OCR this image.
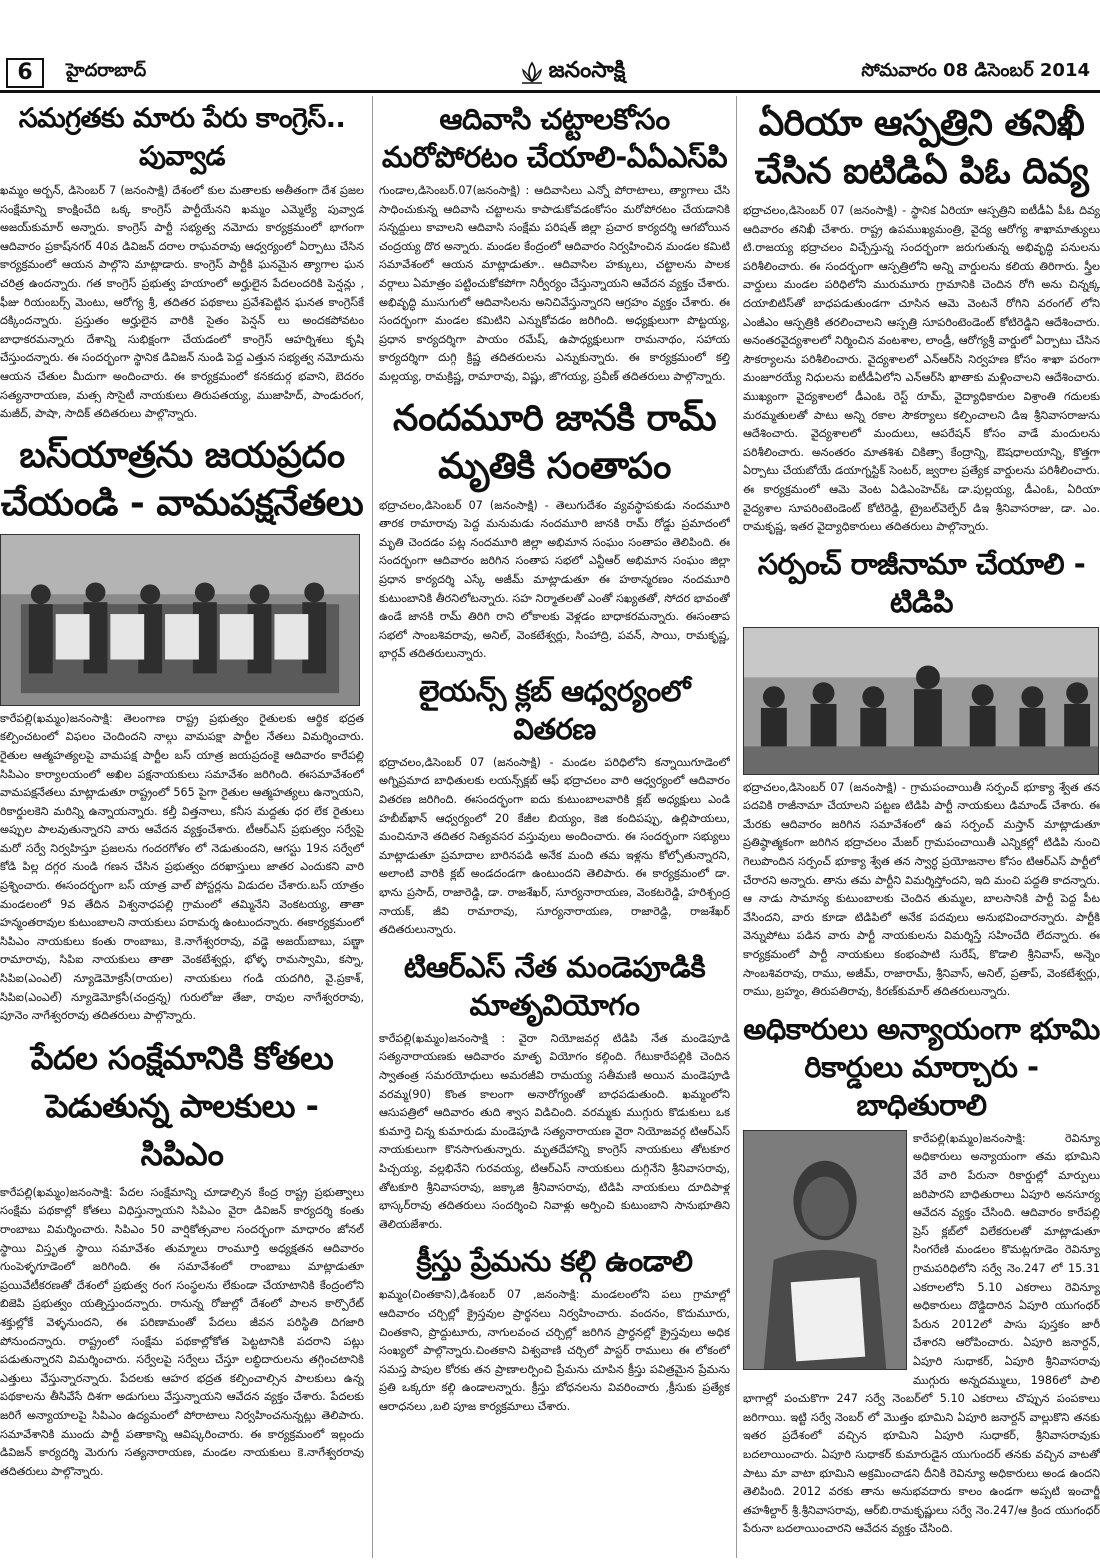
6	హైదరాబాద్	జనంసాక్షి	సోమవారం 08 డిసెంబర్ 2014
సమగ్రతకు మారు పేరు కాంగ్రెస్‌.. పువ్వాడ
ఖమ్మం అర్బన్‌, డిసెంబర్‌ 7 (జనంసాక్షి) దేశంలో కుల మతాలకు అతీతంగా దేశ ప్రజల సంక్షేమాన్ని కాంక్షించేది ఒక్క కాంగ్రెస్‌ పార్టీయేనని ఖమ్మం ఎమ్మెల్యే పువ్వాడ అజయ్‌కుమార్‌ అన్నారు. కాంగ్రెస్‌ పార్టీ సభ్యత్వ నమోదు కార్యక్రమంలో భాగంగా ఆదివారం ప్రకాష్‌నగర్‌ 40వ డివిజన్‌ దరాల రాఘవరావు ఆధ్వర్యంలో ఏర్పాటు చేసిన కార్యక్రమంలో ఆయన పాల్గొని మాట్లాడారు. కాంగ్రెస్‌ పార్టీకి ఘనమైన త్యాగాల ఘన చరిత్ర ఉందన్నారు. గత కాంగ్రెస్‌ ప్రభుత్వ హయాంలో అర్హులైన పేదలందరికి పెన్షన్లు , ఫీజు రియంబర్స్‌ మెంటు, ఆరోగ్య శ్రీ, తదితర పథకాలు ప్రవేశపెట్టిన ఘనత కాంగ్రెస్‌కే దక్కిందన్నారు. ప్రస్తుతం అర్హులైన వారికి సైతం పెన్షన్‌ లు అందకపోవటం బాధాకరమన్నారు దేశాన్ని సుభిక్షంగా చేయడంలో కాంగ్రెస్‌ ఆహర్నిశలు కృషి చేస్తుందన్నారు. ఈ సందర్భంగా స్థానిక డివిజన్‌ నుండి పెద్ద ఎత్తున సభ్యత్వ నమోదును ఆయన చేతుల మీదుగా అందించారు. ఈ కార్యక్రమంలో కనకదుర్గ భవాని, బెదరం సత్యనారాయణ, మత్స సొసైటీ నాయకులు తిరుపతయ్య, ముజాహిద్‌, పాండురంగ, మజీద్‌, పాషా, సాదిక్‌ తదితరులు పాల్గొన్నారు.
బస్‌యాత్రను జయప్రదం చేయండి - వామపక్షనేతలు
కారేపల్లి(ఖమ్మం)జనంసాక్షి: తెలంగాణ రాష్ట్ర ప్రభుత్వం రైతులకు ఆర్థిక భద్రత కల్పించటంలో విఫలం చెందిందని నాల్గు వామపక్షా పార్టీల నేతలు విమర్శించారు. రైతుల ఆత్మహత్యలపై వామపక్ష పార్టీల బస్‌ యాత్ర జయప్రదంకై ఆదివారం కారేపల్లి సిపిఎం కార్యాలయంలో అఖిల పక్షనాయకులు సమావేశం జరిగింది. ఈసమావేశంలో వామపక్షనేతలు మాట్లాడుతూ రాష్ట్రంలో 565 పైగా రైతుల ఆత్మహత్యలు ఉన్నాయని, రికార్డులకెని మరిన్ని ఉన్నాయన్నారు. కల్తీ విత్తనాలు, కనీస మద్దతు ధర లేక రైతులు అప్పుల పాలవుతున్నారని వారు ఆవేదన వ్యక్తంచేశారు. టీఆర్‌ఎస్‌ ప్రభుత్వం సర్వేపై మరో సర్వే నిర్వహిస్తూ ప్రజలను గందరగోళం లో నెడుతుందని, ఆగస్టు 19న సర్వేలో కోడి పిల్ల దగ్గర నుండి గణన చేసిన ప్రభుత్వం దరఖాస్తులు జాతర ఎందుకని వారి ప్రశ్నించారు. ఈసందర్భంగా బస్‌ యాత్ర వాల్‌ పోస్టర్లను విడుదల చేశారు.బస్‌ యాత్రం మండలంలో 9వ తేదిన విశ్వనాధపల్లి గ్రామంలో తమ్మినేని వెంకటయ్య, తాతా హన్మంతరావుల కుటుంబాలని నాయకులు పరామర్శ ఉంటుందన్నారు. ఈకార్యక్రమంలో సిపిఎం నాయకులు కంతు రాంబాబు, కె.నాగేశ్వరరావు, వడ్డె అజయ్‌బాబు, పణ్జా రామారావు, సిపిఐ నాయకులు తాతా వెంకటేశ్వర్లు, భోళ్ళ రామస్వామి, కస్నా, సిపిఐ(ఎంఎల్‌) న్యూడెమోక్రసీ(రాయల) నాయకులు గండి యదగిరి, వై.ప్రకాశ్‌, సిపిఐ(ఎంఎల్‌) న్యూడెమోక్రసీ(చంద్రన్న) గురులోజు తేజా, రావుల నాగేశ్వరరావు, పూనెం నాగేశ్వరరావు తదితరులు పాల్గొన్నారు.
పేదల సంక్షేమానికి కోతలు పెడుతున్న పాలకులు - సిపిఎం
కారేపల్లి(ఖమ్మం)జనంసాక్షి: పేదల సంక్షేమాన్ని చూడాల్సిన కేంద్ర రాష్ట్ర ప్రభుత్వాలు సంక్షేమ పథకాల్లో కోతలు విధిస్తున్నాయని సిపిఎం వైరా డివిజన్‌ కార్యదర్శి కంతు రాంబాబు విమర్శించారు. సిపిఎం 50 వార్షికోత్సవాల సందర్భంగా మాధారం జోనల్‌ స్థాయి విస్తృత స్థాయి సమావేశం తుమ్మాలు రాంమూర్తి అధ్యక్షతన ఆదివారం గుంపెళ్ళగూడెంలో జరిగింది. ఈ సమావేశంలో రాంబాబు మాట్లాడుతూ ప్రయివేటీకరణతో దేశంలో ప్రభుత్వ రంగ సంస్థలను లేకుండా చేయాటానికి కేంద్రంలోని బిజెపి ప్రభుత్వం యత్నిస్తుందన్నారు. రానున్న రోజుల్లో దేశంలో పాలన కార్పొరేట్‌ శక్తుల్లోకే వెళ్ళనుందని, ఈ పరిణామంతో పేదలు జీవన పరిస్థితి దిగజారి పోనుందన్నారు. రాష్ట్రంలో సంక్షేమ పథకాల్లోకోత పెట్టటానికి పదరాని పట్లు పడుతున్నారని విమర్శించారు. సర్వేలపై సర్వేలు చేస్తూ లబ్ధిదారులను తగ్గించటానికి ఎత్తులు వేస్తున్నారన్నారు. పేదలకు ఆహర భద్రత కల్పించాల్సిన పాలకులు ఉన్న పథకాలను తీసివేసే దిశగా అడుగులు వేస్తున్నాయని ఆవేదన వ్యక్తం చేశారు. పేదలకు జరిగే అన్యాయాలపై సిపిఎం ఉద్యమంలో పోరాటాలు నిర్వహించనున్నట్లు తెలిపారు. సమావేశానికి ముందు పార్టీ పతాకాన్ని ఆవిష్కరించారు. ఈ కార్యక్రమంలో ఇల్లందు డివిజన్‌ కార్యదర్శి మెరుగు సత్యనారాయణ, మండల నాయకులు కె.నాగేశ్వరరావు తదితరులు పాల్గొన్నారు.
ఆదివాసి చట్టాలకోసం మరోపోరటం చేయాలి-ఏఏఎస్‌పి
గుండాల,డిసెంబర్‌.07(జనంసాక్షి) : ఆదివాసిలు ఎన్నో పోరాటాలు, త్యాగాలు చేసి సాధించుకున్న ఆదివాసి చట్టాలను కాపాడుకోవడంకోసం మరోపోరటం చేయడానికి సన్నద్దులు కావాలని ఆదివాసి సంక్షేమ పరిషత్‌ జిల్లా ప్రచార కార్యదర్శి ఆగబోయిన చంద్రయ్య దొర అన్నారు. మండల కేంద్రంలో ఆదివారం నిర్వహించిన మండల కమిటి సమావేశంలో ఆయన మాట్లాడుతూ.. ఆదివాసిల హక్కులు, చట్టాలను పాలక వర్గాలు ఏమాత్రం పట్టించుకోకపోగా నిర్వీర్యం చేస్తున్నాయని ఆవేదన వ్యక్తం చేశారు. అభివృద్ధి ముసుగులో ఆదివాసిలను అనిచివేస్తున్నారని ఆగ్రహం వ్యక్తం చేశారు. ఈ సందర్భంగా మండల కమిటిని ఎన్నుకోవడం జరిగింది. అధ్యక్షులుగా పొట్టయ్య, ప్రధాన కార్యదర్శిగా పాయం రమేష్‌, ఉపాధ్యక్షులుగా రామనాథం, సహాయ కార్యదర్శిగా దుగ్గి క్రిష్ణ తదితరులను ఎన్నుకున్నారు. ఈ కార్యక్రమంలో కల్తి మల్లయ్య, రామక్రిష్ణ, రామారావు, విష్ణు, జొగయ్య, ప్రవీణ్‌ తదితరులు పాల్గొన్నారు.
నందమూరి జానకి రామ్‌ మృతికి సంతాపం
భద్రాచలం,డిసెంబర్‌ 07 (జనంసాక్షి) - తెలుగుదేశం వ్యవస్థాపకుడు నందమూరి తారక రామారావు పెద్ద మనుమడు నందమూరి జానకి రామ్‌ రోడ్డు ప్రమాదంలో మృతి చెందడం పట్ల నందమూరి జిల్లా అభిమాన సంఘం సంతాపం తెలిపింది. ఈ సందర్భంగా ఆదివారం జరిగిన సంతాప సభలో ఎన్టీఆర్‌ అభిమాన సంఘం జిల్లా ప్రధాన కార్యదర్శి ఎస్కే అజీమ్‌ మాట్లాడుతూ ఈ హఠాన్మరణం నందమూరి కుటుంబానికి తీరనిలోటన్నారు. సహ నిర్మాతలతో ఎంతో సఖ్యతతో, సోదర భావంతో ఉండే జానకి రామ్‌ తిరిగి రాని లోకాలకు వెళ్లడం బాధాకరమన్నారు. ఈసంతాప సభలో సాంబశివరావు, అనిల్‌, వెంకటేశ్వర్లు, సింహాద్రి, పవన్‌, సాయి, రామకృష్ణ, భార్గవ్‌ తదితరులున్నారు.
లైయన్స్‌ క్లబ్‌ ఆధ్వర్యంలో వితరణ
భద్రాచలం,డిసెంబర్‌ 07 (జనంసాక్షి) - మండల పరిధిలోని కన్నాయిగూడెంలో అగ్నిప్రమాద బాధితులకు లయన్స్‌క్లబ్‌ ఆఫ్‌ భద్రాచలం వారి ఆధ్వర్యంలో ఆదివారం వితరణ జరిగింది. ఈసందర్భంగా ఐదు కుటుంబాలవారికి క్లబ్‌ అధ్యక్షులు ఎండి హబీబ్‌ఖాన్‌ ఆధ్వర్యంలో 20 కేజీల బియ్యం, కెజి కందిపప్పు, ఉల్లిపాయలు, మంచినూనె తదితర నిత్యవసర వస్తువులు అందించారు. ఈ సందర్భంగా సభ్యులు మాట్లాడుతూ ప్రమాదాల బారినపడి అనేక మంది తమ ఇళ్లను కోల్పోతున్నారని, అలాంటి వారికి క్లబ్‌ అండదండగా ఉంటుందని తెలిపారు. ఈ కార్యక్రమంలో డా. భాను ప్రసాద్‌, రాజారెడ్డి, డా. రాజశేఖర్‌, సూర్యనారాయణ, వెంకటరెడ్డి, హరిశ్చంద్ర నాయక్‌, జీవి రామారావు, సూర్యనారాయణ, రాజారెడ్డి, రాజశేఖర్‌ తదితరులున్నారు.
టిఆర్‌ఎస్‌ నేత మండెపూడికి మాతృవియోగం
కారేపల్లి(ఖమ్మం)జనంసాక్షి : వైరా నియోజవర్గ టిడిపి నేత మండెపూడి సత్యనారాయణకు ఆదివారం మాతృ వియోగం కల్గింది. గేటుకారేపల్లికి చెందిన స్వాతంత్ర సమరయోధులు అమరజీవి రామయ్య సతీమణి అయిన మండెపూడి వరమ్మ(90) కొంత కాలంగా అనారోగ్యంతో బాధపడుతుంది. ఖమ్మంలోని ఆసుపత్రిలో ఆదివారం తుది శ్వాస విడిచింది. వరమ్మకు ముగ్గురు కొడుకులు ఒక కుమార్తె చిన్న కుమారుడు మండెపూడి సత్యనారాయణ వైరా నియోజవర్గ టిఆర్‌ఎస్‌ నాయకులుగా కొనసాగుతున్నారు. మృతదేహాన్ని కాంగ్రెస్‌ నాయకులు తోటకూర పిచ్చయ్య, వల్లభినేని గురవయ్య, టిఆర్‌ఎస్‌ నాయకులు దుగ్గినేని శ్రీనివాసరావు, తోటకూరి శ్రీనివాసరావు, జక్కాజి శ్రీనివాసరావు, టిడిపి నాయకులు దూదిపాళ్ల భాస్కర్‌రావు తదితరులు సందర్శించి నివాళ్లు అర్పించి కుటుంబాని సానుభూతిని తెలియజేశారు.
క్రీస్తు ప్రేమను కల్గి ఉండాలి
ఖమ్మం(చింతకాని),డిశంబర్‌ 07 ,జనంసాక్షి: మండలంలోని పలు గ్రామాల్లో ఆదివారం చర్చిల్లో క్రైస్తవుల ప్రార్థనలు నిర్వహించారు. వందనం, కొదుమూరు, చింతకాని, ప్రొద్దుటూరు, నాగులవంచ చర్చిల్లో జరిగిన ప్రార్ధనల్లో క్రైస్తవులు అధిక సంఖ్యలో పాల్గొన్నారు.చింతకాని విశ్వవాణి చర్చిలో పాస్టర్‌ రాములు ఈ లోకంలో సమస్త పాపుల కోరకు తన ప్రాణాలర్పించి ప్రేమను చూపిన క్రీస్తు పవిత్రమైన ప్రేమను ప్రతి ఒక్కరూ కల్గి ఉండాలన్నారు. క్రీస్తు బోధనలను వివరించారు ,క్రీసుకు ప్రత్యేక ఆరాధనలు ,బలి పూజ కార్యక్రమాలు చేశారు.
ఏరియా ఆస్పత్రిని తనిఖీ చేసిన ఐటిడిఏ పిఓ దివ్య
భద్రాచలం,డిసెంబర్‌ 07 (జనంసాక్షి) - స్థానిక ఏరియా ఆస్పత్రిని ఐటీడీఏ పీఓ దివ్య ఆదివారం తనిఖీ చేశారు. రాష్ట్ర ఉపముఖ్యమంత్రి, వైద్య ఆరోగ్య శాఖామాత్యులు టి.రాజయ్య భద్రాచలం విచ్చేస్తున్న సందర్భంగా జరుగుతున్న అభివృద్ధి పనులను పరిశీలించారు. ఈ సందర్భంగా ఆస్పత్రిలోని అన్ని వార్డులను కలియ తిరిగారు. స్త్రీల వార్డులు మండల పరిధిలోని మురుమూరు గ్రామానికి చెందిన రోగి అను చిన్నక్క దయాబిటిస్‌తో బాధపడుతుండగా చూసిన ఆమె వెంటనే రోగిని వరంగల్‌ లోని ఎంజీఎం ఆస్పత్రికి తరలించాలని ఆస్పత్రి సూపరింటెండెంట్‌ కోటిరెడ్డిని ఆదేశించారు. అనంతరవైద్యశాలలో నిర్మించిన వంటశాల, లాండ్రీ, ఆరోగ్యశ్రీ వార్డులో ఏర్పాటు చేసిన సౌకర్యాలను పరిశీలించారు. వైద్యశాలలో ఎన్‌ఆర్‌సి నిర్వహణ కోసం శాఖా పరంగా మంజూరయ్యే నిధులను ఐటీడీఏలోని ఎన్‌ఆర్‌సి ఖాతాకు మళ్లించాలని ఆదేశించారు. ముఖ్యంగా వైద్యశాలలో డీఎంఓ రెస్ట్‌ రూమ్‌, వైద్యాధికారుల విశ్రాంతి గదులకు మరమ్మతులతో పాటు అన్ని రకాల సౌకర్యాలు కల్పించాలని డిఇ శ్రీనివాసరాజును ఆదేశించారు. వైద్యశాలలో మందులు, ఆపరేషన్‌ కోసం వాడే మందులను పరిశీలించారు. అనంతరం మాతశిశు చికిత్సా కేంద్రాన్ని, ఔషధాలయాన్ని, కొత్తగా ఏర్పాటు చేయబోయే డయాగ్నస్టిక్‌ సెంటర్‌, జ్వరాల ప్రత్యేక వార్డులను పరిశీలించారు. ఈ కార్యక్రమంలో ఆమె వెంట ఏడిఎంహెచ్‌ఓ డా.పుల్లయ్య, డీఎంఓ, ఏరియా వైద్యశాల సూపరింటెండెంట్‌ కోటిరెడ్డి, ట్రైబల్‌వెల్ఫేర్‌ డిఇ శ్రీనివాసరాజు, డా. ఎం. రామకృష్ణ, ఇతర వైద్యాధికారులు తదితరులు పాల్గొన్నారు.
సర్పంచ్‌ రాజీనామా చేయాలి - టిడిపి
భద్రాచలం,డిసెంబర్‌ 07 (జనంసాక్షి) - గ్రామపంచాయితీ సర్పంచ్‌ భూక్యా శ్వేత తన పదవికి రాజీనామా చేయాలని పట్టణ టిడిపి పార్టీ నాయకులు డిమాండ్‌ చేశారు. ఈ మేరకు ఆదివారం జరిగిన సమావేశంలో ఉప సర్పంచ్‌ మస్తాన్‌ మాట్లాడుతూ ప్రతిష్ఠాత్మకంగా జరిగిన భద్రాచలం మేజర్‌ గ్రామపంచాయితీ ఎన్నికల్లో టిడిపి నుంచి గెలుపొందిన సర్పంచ్‌ భూక్యా శ్వేత తన స్వార్ధ ప్రయోజనాల కోసం టిఆర్‌ఎస్‌ పార్టీలో చేరారని అన్నారు. తాను తమ పార్టీని విమర్శిస్తోందని, ఇది మంచి పద్దతి కాదన్నారు. ఆ నాడు సామాన్య కుటుంబాలకు చెందిన తుమ్మల, బాలసానికి పార్టీ పెద్ద పీట వేసిందని, వారు కూడా టిడిపిలో అనేక పదవులు అనుభవించారన్నారు. పార్టీకి వెన్నుపోటు పడిన వారు పార్టీ నాయకులను విమర్శిస్తే సహించేది లేదన్నారు. ఈ కార్యక్రమంలో పార్టీ నాయకులు కంభంపాటి సురేష్‌, కొడాలి శ్రీనివాస్‌, అన్నెం సాంబశివరావు, రాము, అజీమ్‌, రాజారామ్‌, శ్రీనివాస్‌, అనిల్‌, ప్రతాప్‌, వెంకటేశ్వర్లు, రాము, బ్రహ్మం, తిరుపతిరావు, కిరణ్‌కుమార్‌ తదితరులున్నారు.
అధికారులు అన్యాయంగా భూమి రికార్డులు మార్చారు - బాధితురాలి
కారేపల్లి(ఖమ్మం)జనంసాక్షి: రెవిన్యూ అధికారులు అన్యాయంగా తమ భూమిని వేరే వారి పేరునా రికార్డుల్లో మార్పులు జరిపారని బాధితురాలు ఏపూరి అనసూర్య ఆవేదన వ్యక్తం చేసింది. ఆదివారం కారేపల్లి ప్రెస్‌ క్లబ్‌లో విలేకరులతో మాట్లాడుతూ సింగరేణి మండలం కొమట్లగూడెం రెవిన్యూ గ్రామపరిధిలోని సర్వే నెం.247 లో 15.31 ఎకరాలలోని 5.10 ఎకరాలు రెవిన్యూ అధికారులు దొడ్డిదారిన ఏపూరి యుగంధర్‌ పేరున 2012లో పాసు పుస్తకం జారీ చేశారని ఆరోపించారు. ఏపూరి జనార్దన్‌, ఏపూరి సుధాకర్‌, ఏపూరి శ్రీనివాసరావు ముగ్గురు అన్నదమ్ములు, 1986లో పాలి భాగాల్లో పంచుకొగా 247 సర్వే నెంబర్‌లో 5.10 ఎకరాలు చొప్పున పంపకాలు జరిగాయి. ఇట్టి సర్వే నెంబర్‌ లో మొత్తం భూమిని ఏపూరి జనార్దన్‌ వాల్లుకొని తనకు ఇతర ప్రదేశంలో వచ్చిన భూమిని ఏపూరి సుధాకర్‌, శ్రీనివాసరావుకు బదలాయించారు. ఏపూరి సుధాకర్‌ కుమారుడైన యుగుందర్‌ తనకు వచ్చిన వాటతో పాటు మా వాటా భూమిని అక్రమించాడని దీనికి రెవిన్యూ అధికారులు అండ ఉందని తెలిపింది. 2012 వరకు తాను అనుభవదారు కాలం ఉండగా అప్పటి ఇంచార్జీ తహశీల్దార్‌ శ్రీ.శ్రీనివాసరావు, ఆర్‌బి.రామకృష్ణులు సర్వే నెం.247/ఆ క్రింద యుగంధర్‌ పేరునా బదలాయించారని ఆవేదన వ్యక్తం చేసింది.
